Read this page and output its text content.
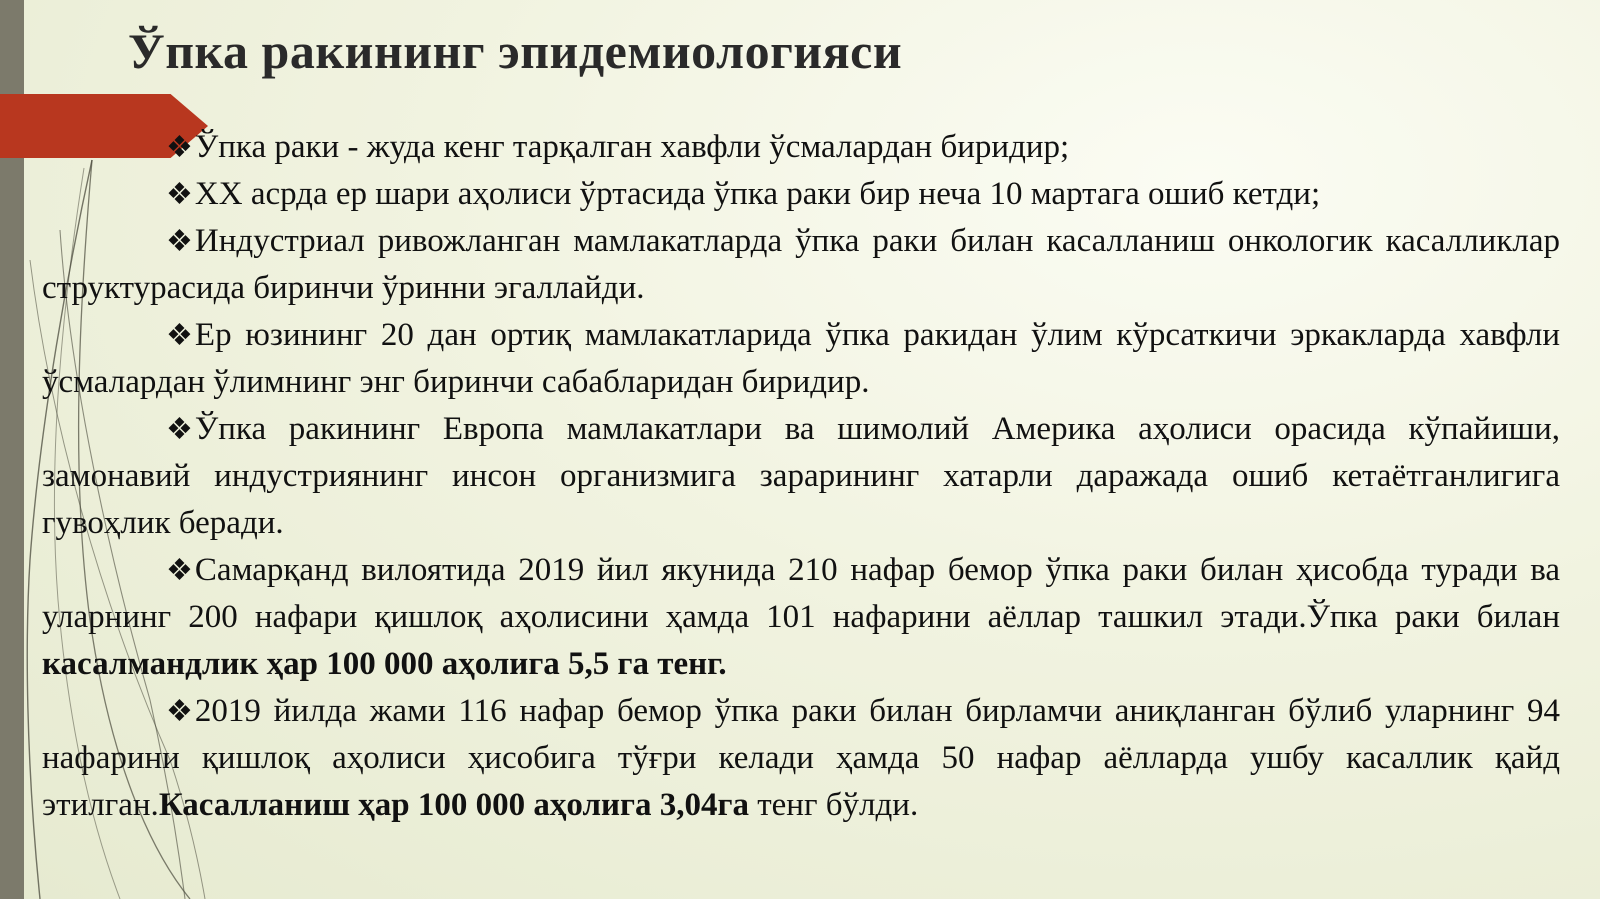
Ўпка ракининг эпидемиологияси

❖Ўпка раки - жуда кенг тарқалган хавфли ўсмалардан биридир;

❖XX асрда ер шари аҳолиси ўртасида ўпка раки бир неча 10 мартага ошиб кетди;

❖Индустриал ривожланган мамлакатларда ўпка раки билан касалланиш онкологик касалликлар структурасида биринчи ўринни эгаллайди.

❖Ер юзининг 20 дан ортиқ мамлакатларида ўпка ракидан ўлим кўрсаткичи эркакларда хавфли ўсмалардан ўлимнинг энг биринчи сабабларидан биридир.

❖Ўпка ракининг Европа мамлакатлари ва шимолий Америка аҳолиси орасида кўпайиши, замонавий индустриянинг инсон организмига зарарининг хатарли даражада ошиб кетаётганлигига гувоҳлик беради.

❖Самарқанд вилоятида 2019 йил якунида 210 нафар бемор ўпка раки билан ҳисобда туради ва уларнинг 200 нафари қишлоқ аҳолисини ҳамда 101 нафарини аёллар ташкил этади.Ўпка раки билан касалмандлик ҳар 100 000 аҳолига 5,5 га тенг.

❖2019 йилда жами 116 нафар бемор ўпка раки билан бирламчи аниқланган бўлиб уларнинг 94 нафарини қишлоқ аҳолиси ҳисобига тўғри келади ҳамда 50 нафар аёлларда ушбу касаллик қайд этилган.Касалланиш ҳар 100 000 аҳолига 3,04га тенг бўлди.
